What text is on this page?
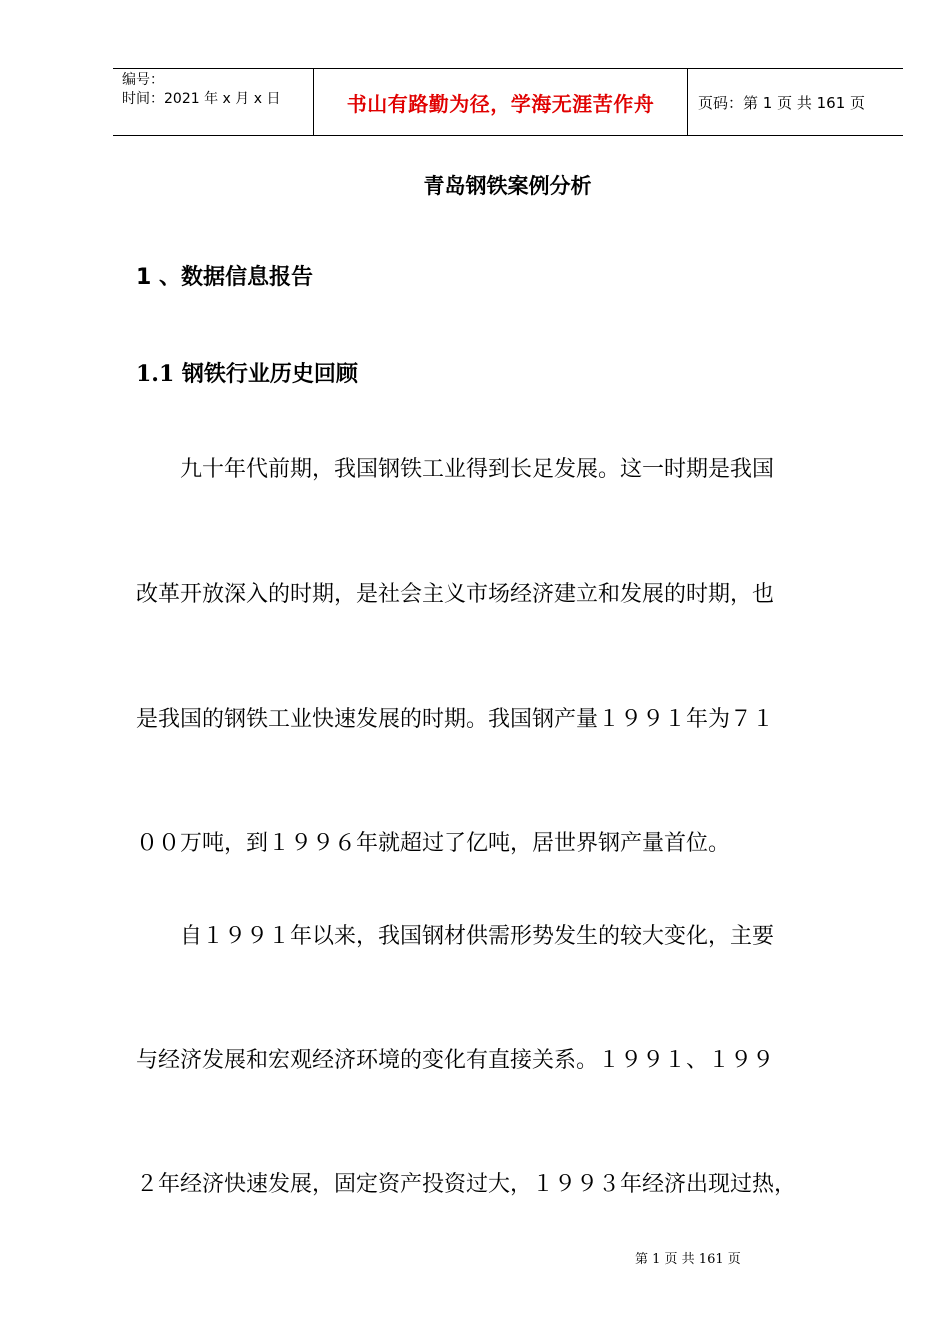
编号：
时间：2021 年 x 月 x 日	书山有路勤为径，学海无涯苦作舟	页码：第 1 页 共 161 页
青岛钢铁案例分析
1 、数据信息报告
1.1 钢铁行业历史回顾
　　九十年代前期，我国钢铁工业得到长足发展。这一时期是我国
改革开放深入的时期，是社会主义市场经济建立和发展的时期，也
是我国的钢铁工业快速发展的时期。我国钢产量１９９１年为７１
００万吨，到１９９６年就超过了亿吨，居世界钢产量首位。
　　自１９９１年以来，我国钢材供需形势发生的较大变化，主要
与经济发展和宏观经济环境的变化有直接关系。１９９１、１９９
２年经济快速发展，固定资产投资过大，１９９３年经济出现过热，
第 1 页 共 161 页
